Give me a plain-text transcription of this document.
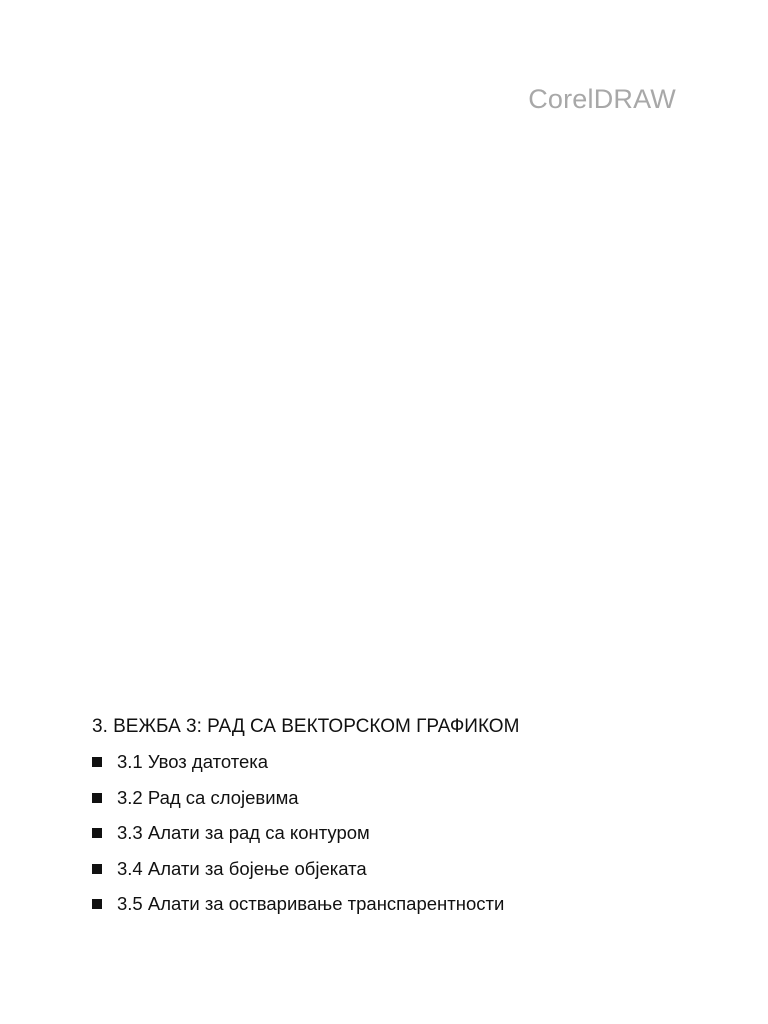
CorelDRAW
3. ВЕЖБА 3: РАД СА ВЕКТОРСКОМ ГРАФИКОМ
3.1 Увоз датотека
3.2 Рад са слојевима
3.3 Алати за рад са контуром
3.4 Алати за бојење објеката
3.5 Алати за остваривање транспарентности
